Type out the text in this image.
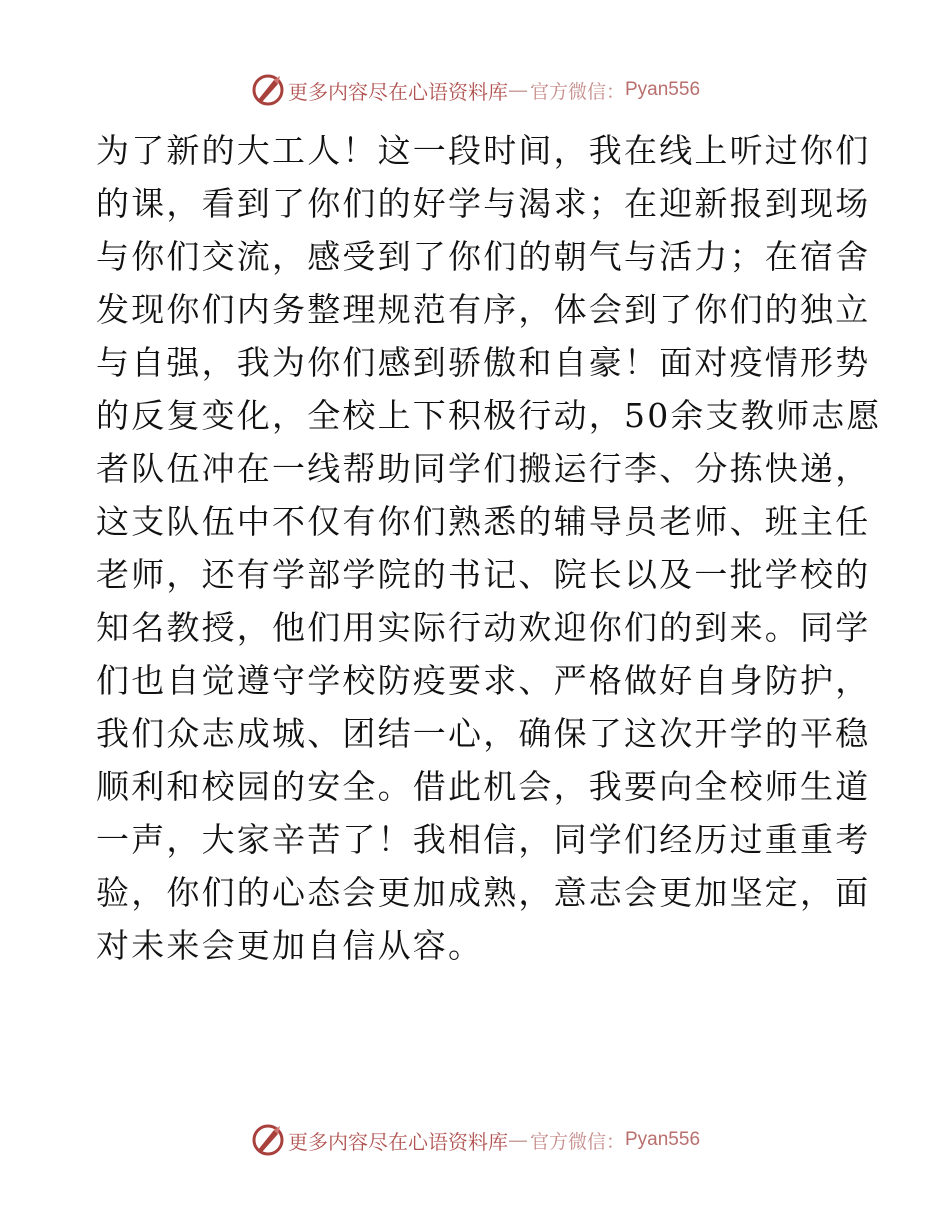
更多内容尽在心语资料库 — 官方微信： Pyan556

为了新的大工人！这一段时间，我在线上听过你们

的课，看到了你们的好学与渴求；在迎新报到现场

与你们交流，感受到了你们的朝气与活力；在宿舍

发现你们内务整理规范有序，体会到了你们的独立

与自强，我为你们感到骄傲和自豪！面对疫情形势

的反复变化，全校上下积极行动，50余支教师志愿

者队伍冲在一线帮助同学们搬运行李、分拣快递，

这支队伍中不仅有你们熟悉的辅导员老师、班主任

老师，还有学部学院的书记、院长以及一批学校的

知名教授，他们用实际行动欢迎你们的到来。同学

们也自觉遵守学校防疫要求、严格做好自身防护，

我们众志成城、团结一心，确保了这次开学的平稳

顺利和校园的安全。借此机会，我要向全校师生道

一声，大家辛苦了！我相信，同学们经历过重重考

验，你们的心态会更加成熟，意志会更加坚定，面

对未来会更加自信从容。

更多内容尽在心语资料库 — 官方微信： Pyan556
